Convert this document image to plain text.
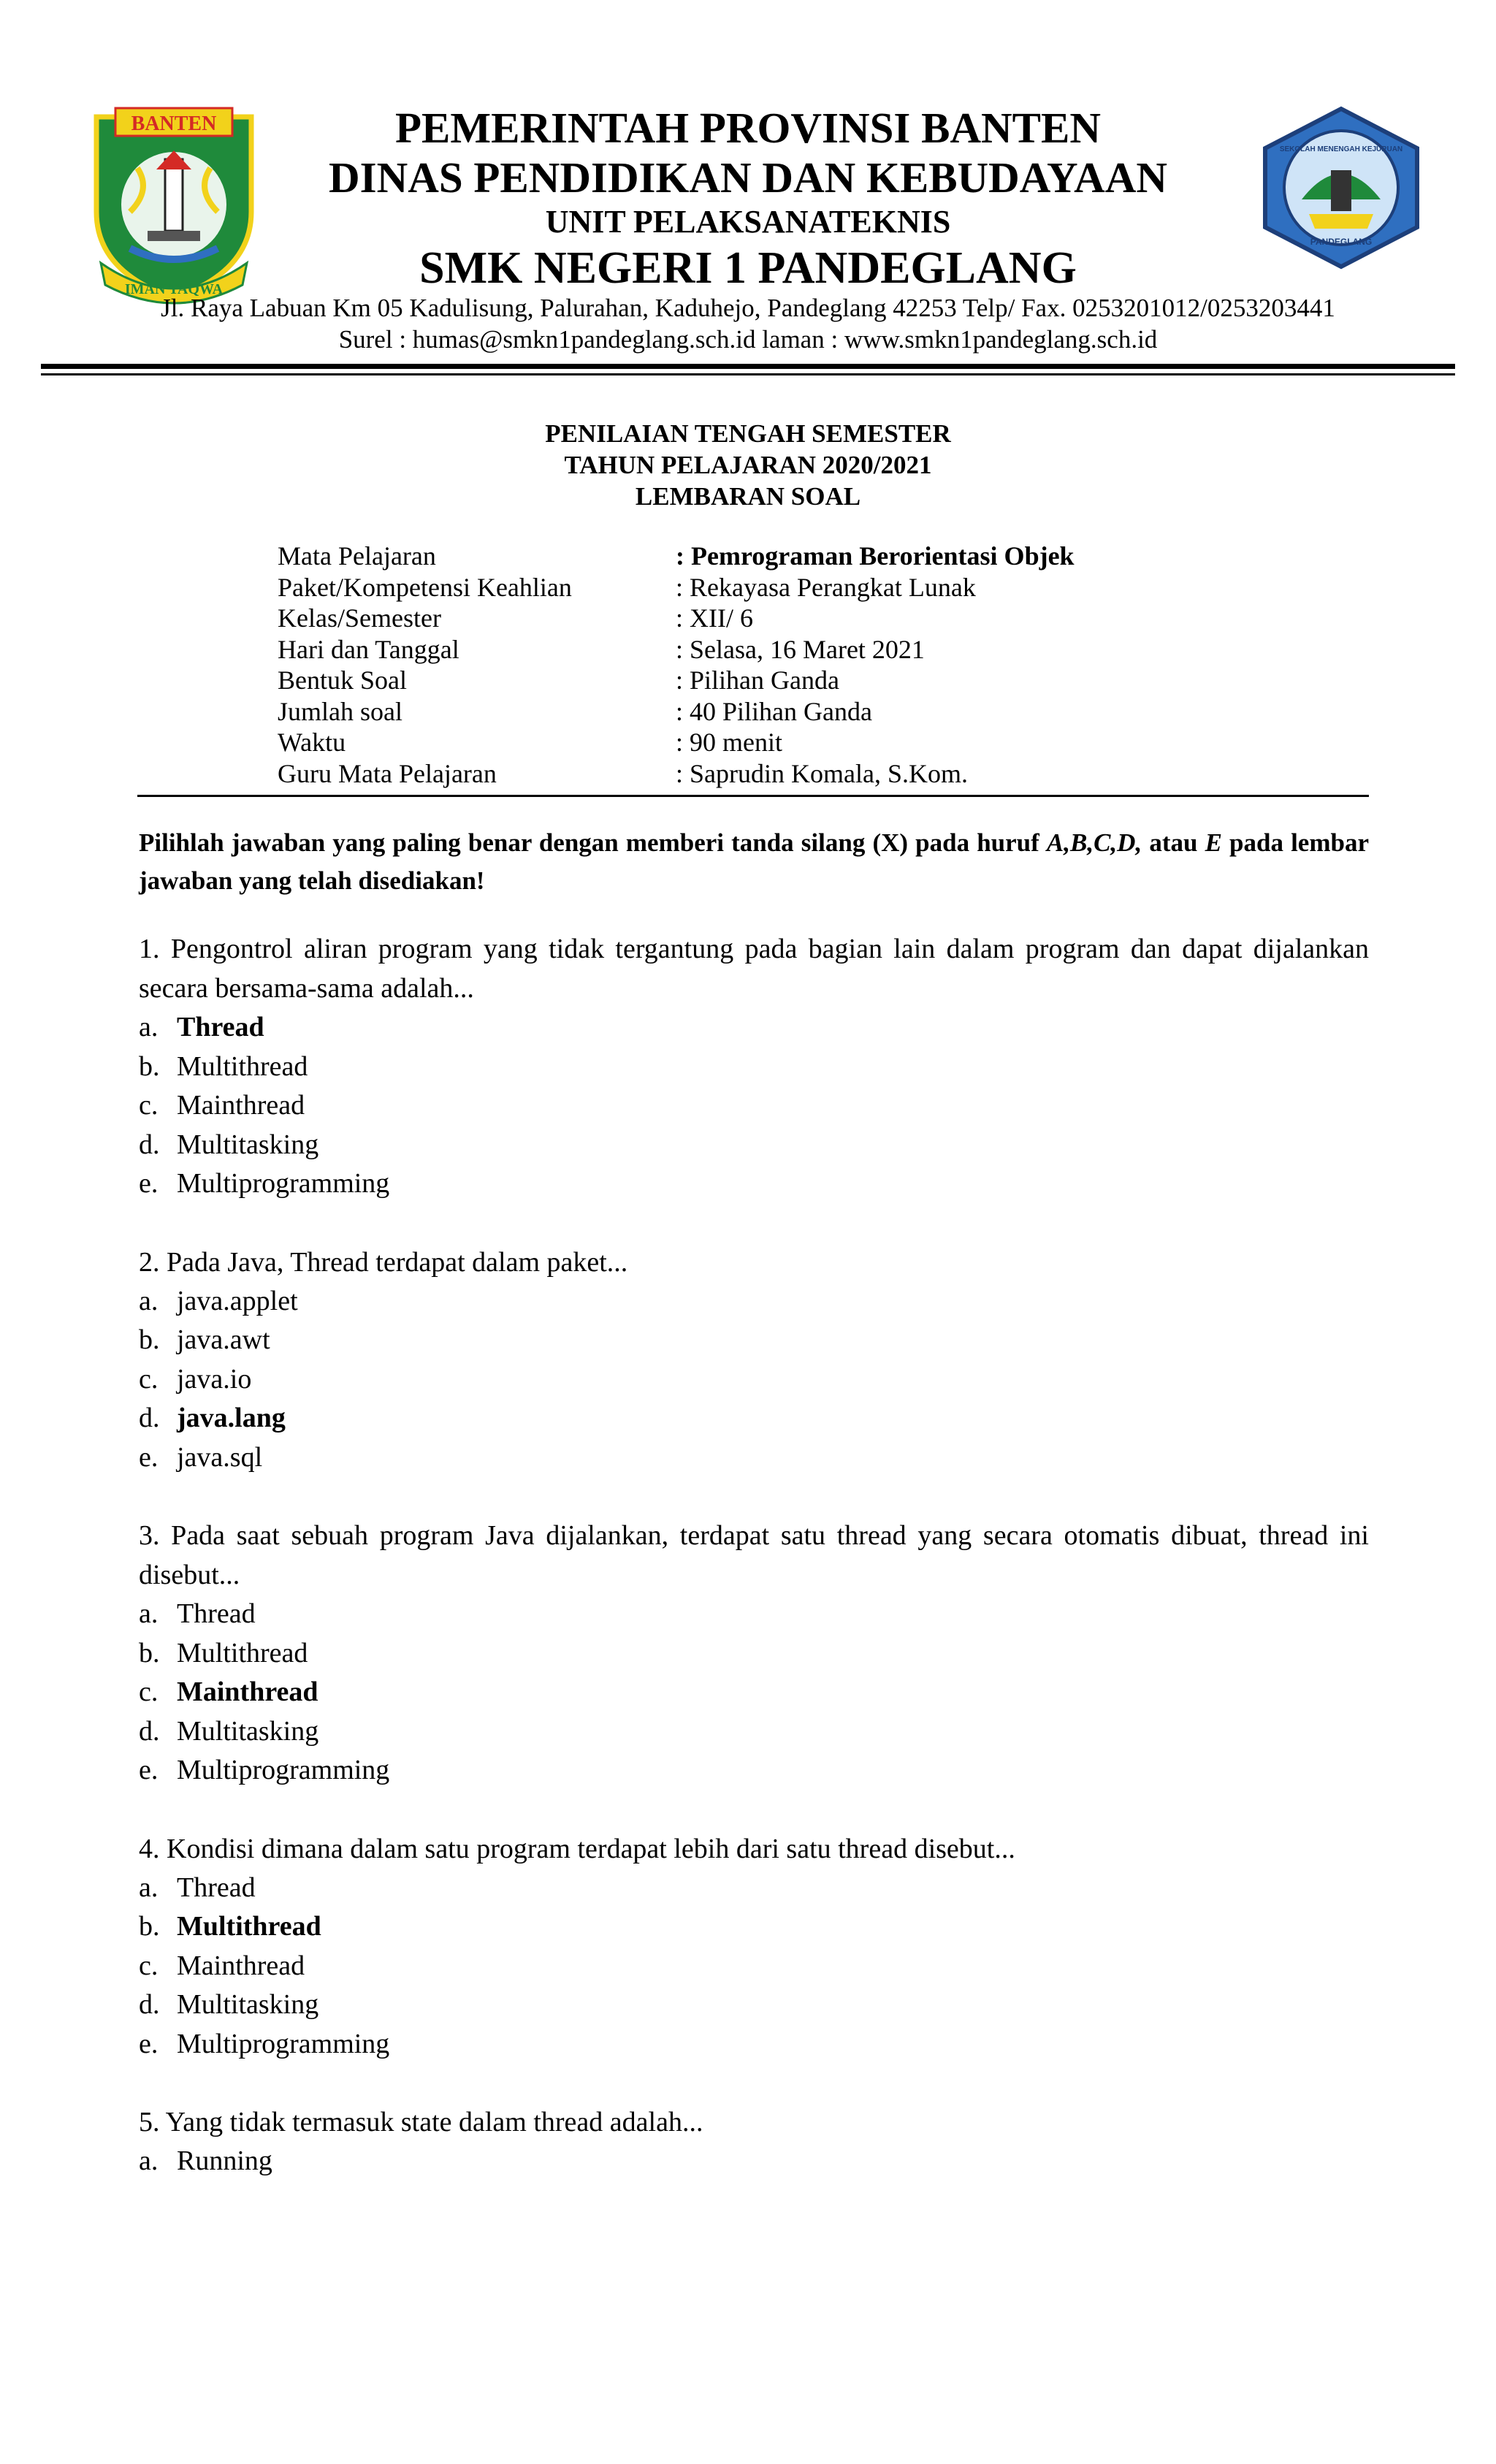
BANTEN
IMAN TAQWA
SEKOLAH MENENGAH KEJURUAN
PANDEGLANG

PEMERINTAH PROVINSI BANTEN

DINAS PENDIDIKAN DAN KEBUDAYAAN

UNIT PELAKSANATEKNIS

SMK NEGERI 1 PANDEGLANG

Jl. Raya Labuan Km 05 Kadulisung, Palurahan, Kaduhejo, Pandeglang 42253 Telp/ Fax. 0253201012/0253203441

Surel : humas@smkn1pandeglang.sch.id laman : www.smkn1pandeglang.sch.id

PENILAIAN TENGAH SEMESTER

TAHUN PELAJARAN 2020/2021

LEMBARAN SOAL

Mata Pelajaran	: Pemrograman Berorientasi Objek
Paket/Kompetensi Keahlian	: Rekayasa Perangkat Lunak
Kelas/Semester	: XII/ 6
Hari dan Tanggal	: Selasa, 16 Maret 2021
Bentuk Soal	: Pilihan Ganda
Jumlah soal	: 40 Pilihan Ganda
Waktu	: 90 menit
Guru Mata Pelajaran	: Saprudin Komala, S.Kom.

Pilihlah jawaban yang paling benar dengan memberi tanda silang (X) pada huruf A,B,C,D, atau E pada lembar jawaban yang telah disediakan!

1. Pengontrol aliran program yang tidak tergantung pada bagian lain dalam program dan dapat dijalankan secara bersama-sama adalah...

a. Thread

b. Multithread

c. Mainthread

d. Multitasking

e. Multiprogramming

2. Pada Java, Thread terdapat dalam paket...

a. java.applet

b. java.awt

c. java.io

d. java.lang

e. java.sql

3. Pada saat sebuah program Java dijalankan, terdapat satu thread yang secara otomatis dibuat, thread ini disebut...

a. Thread

b. Multithread

c. Mainthread

d. Multitasking

e. Multiprogramming

4. Kondisi dimana dalam satu program terdapat lebih dari satu thread disebut...

a. Thread

b. Multithread

c. Mainthread

d. Multitasking

e. Multiprogramming

5. Yang tidak termasuk state dalam thread adalah...

a. Running
